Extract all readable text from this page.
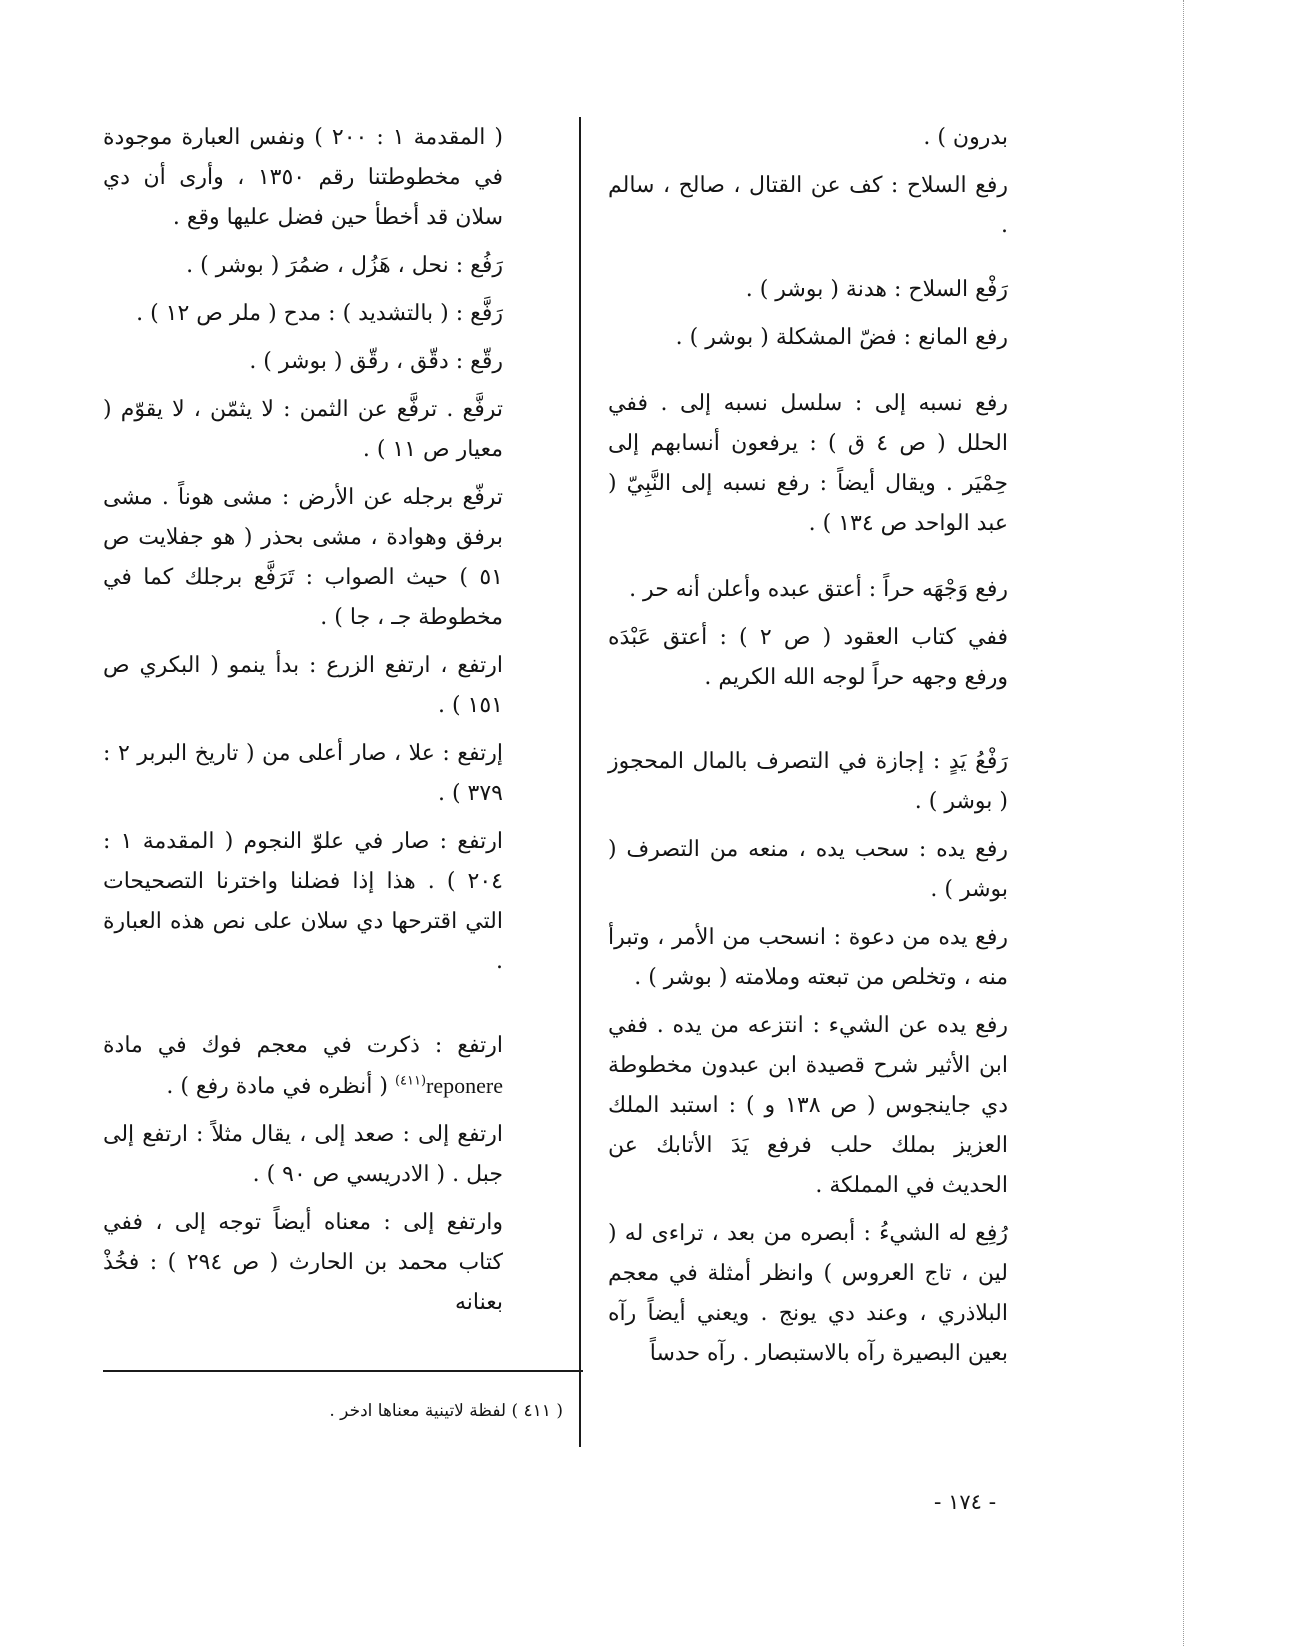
بدرون ) .

رفع السلاح : كف عن القتال ، صالح ، سالم .

رَفْع السلاح : هدنة ( بوشر ) .

رفع المانع : فضّ المشكلة ( بوشر ) .

رفع نسبه إلى : سلسل نسبه إلى . ففي الحلل ( ص ٤ ق ) : يرفعون أنسابهم إلى حِمْيَر . ويقال أيضاً : رفع نسبه إلى النَّبِيّ ( عبد الواحد ص ١٣٤ ) .

رفع وَجْهَه حراً : أعتق عبده وأعلن أنه حر .

ففي كتاب العقود ( ص ٢ ) : أعتق عَبْدَه ورفع وجهه حراً لوجه الله الكريم .

رَفْعُ يَدٍ : إجازة في التصرف بالمال المحجوز ( بوشر ) .

رفع يده : سحب يده ، منعه من التصرف ( بوشر ) .

رفع يده من دعوة : انسحب من الأمر ، وتبرأ منه ، وتخلص من تبعته وملامته ( بوشر ) .

رفع يده عن الشيء : انتزعه من يده . ففي ابن الأثير شرح قصيدة ابن عبدون مخطوطة دي جاينجوس ( ص ١٣٨ و ) : استبد الملك العزيز بملك حلب فرفع يَدَ الأتابك عن الحديث في المملكة .

رُفِع له الشيءُ : أبصره من بعد ، تراءى له ( لين ، تاج العروس ) وانظر أمثلة في معجم البلاذري ، وعند دي يونج . ويعني أيضاً رآه بعين البصيرة رآه بالاستبصار . رآه حدساً

( المقدمة ١ : ٢٠٠ ) ونفس العبارة موجودة في مخطوطتنا رقم ١٣٥٠ ، وأرى أن دي سلان قد أخطأ حين فضل عليها وقع .

رَفُع : نحل ، هَزُل ، ضمُرَ ( بوشر ) .

رَفَّع : ( بالتشديد ) : مدح ( ملر ص ١٢ ) .

رقّع : دقّق ، رقّق ( بوشر ) .

ترفَّع . ترفَّع عن الثمن : لا يثمّن ، لا يقوّم ( معيار ص ١١ ) .

ترفّع برجله عن الأرض : مشى هوناً . مشى برفق وهوادة ، مشى بحذر ( هو جفلايت ص ٥١ ) حيث الصواب : تَرَفَّع برجلك كما في مخطوطة جـ ، جا ) .

ارتفع ، ارتفع الزرع : بدأ ينمو ( البكري ص ١٥١ ) .

إرتفع : علا ، صار أعلى من ( تاريخ البربر ٢ : ٣٧٩ ) .

ارتفع : صار في علوّ النجوم ( المقدمة ١ : ٢٠٤ ) . هذا إذا فضلنا واخترنا التصحيحات التي اقترحها دي سلان على نص هذه العبارة .

ارتفع : ذكرت في معجم فوك في مادة reponere$^{(٤١١)}$ ( أنظره في مادة رفع ) .

ارتفع إلى : صعد إلى ، يقال مثلاً : ارتفع إلى جبل . ( الادريسي ص ٩٠ ) .

وارتفع إلى : معناه أيضاً توجه إلى ، ففي كتاب محمد بن الحارث ( ص ٢٩٤ ) : فخُذْ بعنانه

( ٤١١ ) لفظة لاتينية معناها ادخر .
- ١٧٤ -
